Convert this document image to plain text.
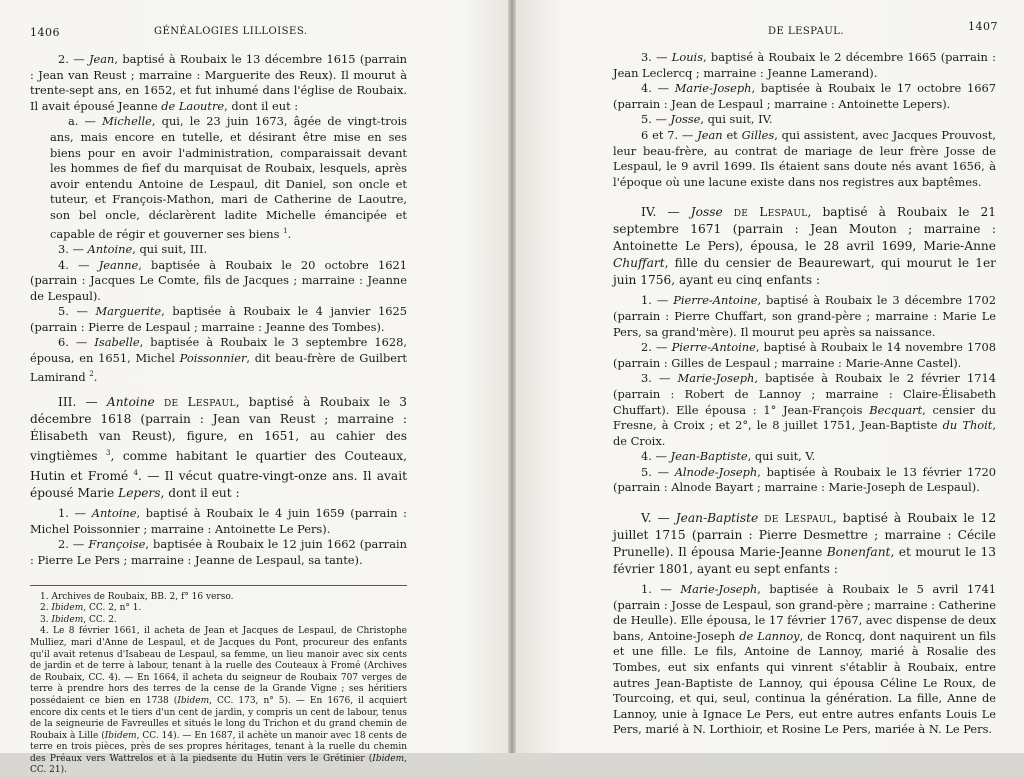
1406	GÉNÉALOGIES LILLOISES.

2. — Jean, baptisé à Roubaix le 13 décembre 1615 (parrain : Jean van Reust ; marraine : Marguerite des Reux). Il mourut à trente-sept ans, en 1652, et fut inhumé dans l'église de Roubaix. Il avait épousé Jeanne de Laoutre, dont il eut :

a. — Michelle, qui, le 23 juin 1673, âgée de vingt-trois ans, mais encore en tutelle, et désirant être mise en ses biens pour en avoir l'administration, comparaissait devant les hommes de fief du marquisat de Roubaix, lesquels, après avoir entendu Antoine de Lespaul, dit Daniel, son oncle et tuteur, et François-Mathon, mari de Catherine de Laoutre, son bel oncle, déclarèrent ladite Michelle émancipée et capable de régir et gouverner ses biens $^1$.

3. — Antoine, qui suit, III.

4. — Jeanne, baptisée à Roubaix le 20 octobre 1621 (parrain : Jacques Le Comte, fils de Jacques ; marraine : Jeanne de Lespaul).

5. — Marguerite, baptisée à Roubaix le 4 janvier 1625 (parrain : Pierre de Lespaul ; marraine : Jeanne des Tombes).

6. — Isabelle, baptisée à Roubaix le 3 septembre 1628, épousa, en 1651, Michel Poissonnier, dit beau-frère de Guilbert Lamirand $^2$.

III. — Antoine de Lespaul, baptisé à Roubaix le 3 décembre 1618 (parrain : Jean van Reust ; marraine : Élisabeth van Reust), figure, en 1651, au cahier des vingtièmes $^3$, comme habitant le quartier des Couteaux, Hutin et Fromé $^4$. — Il vécut quatre-vingt-onze ans. Il avait épousé Marie Lepers, dont il eut :

1. — Antoine, baptisé à Roubaix le 4 juin 1659 (parrain : Michel Poissonnier ; marraine : Antoinette Le Pers).

2. — Françoise, baptisée à Roubaix le 12 juin 1662 (parrain : Pierre Le Pers ; marraine : Jeanne de Lespaul, sa tante).

1. Archives de Roubaix, BB. 2, f° 16 verso.

2. Ibidem, CC. 2, n° 1.

3. Ibidem, CC. 2.

4. Le 8 février 1661, il acheta de Jean et Jacques de Lespaul, de Christophe Mulliez, mari d'Anne de Lespaul, et de Jacques du Pont, procureur des enfants qu'il avait retenus d'Isabeau de Lespaul, sa femme, un lieu manoir avec six cents de jardin et de terre à labour, tenant à la ruelle des Couteaux à Fromé (Archives de Roubaix, CC. 4). — En 1664, il acheta du seigneur de Roubaix 707 verges de terre à prendre hors des terres de la cense de la Grande Vigne ; ses héritiers possédaient ce bien en 1738 (Ibidem, CC. 173, n° 5). — En 1676, il acquiert encore dix cents et le tiers d'un cent de jardin, y compris un cent de labour, tenus de la seigneurie de Favreulles et situés le long du Trichon et du grand chemin de Roubaix à Lille (Ibidem, CC. 14). — En 1687, il achète un manoir avec 18 cents de terre en trois pièces, près de ses propres héritages, tenant à la ruelle du chemin des Préaux vers Wattrelos et à la piedsente du Hutin vers le Grétinier (Ibidem, CC. 21).

DE LESPAUL.	1407

3. — Louis, baptisé à Roubaix le 2 décembre 1665 (parrain : Jean Leclercq ; marraine : Jeanne Lamerand).

4. — Marie-Joseph, baptisée à Roubaix le 17 octobre 1667 (parrain : Jean de Lespaul ; marraine : Antoinette Lepers).

5. — Josse, qui suit, IV.

6 et 7. — Jean et Gilles, qui assistent, avec Jacques Prouvost, leur beau-frère, au contrat de mariage de leur frère Josse de Lespaul, le 9 avril 1699. Ils étaient sans doute nés avant 1656, à l'époque où une lacune existe dans nos registres aux baptêmes.

IV. — Josse de Lespaul, baptisé à Roubaix le 21 septembre 1671 (parrain : Jean Mouton ; marraine : Antoinette Le Pers), épousa, le 28 avril 1699, Marie-Anne Chuffart, fille du censier de Beaurewart, qui mourut le 1er juin 1756, ayant eu cinq enfants :

1. — Pierre-Antoine, baptisé à Roubaix le 3 décembre 1702 (parrain : Pierre Chuffart, son grand-père ; marraine : Marie Le Pers, sa grand'mère). Il mourut peu après sa naissance.

2. — Pierre-Antoine, baptisé à Roubaix le 14 novembre 1708 (parrain : Gilles de Lespaul ; marraine : Marie-Anne Castel).

3. — Marie-Joseph, baptisée à Roubaix le 2 février 1714 (parrain : Robert de Lannoy ; marraine : Claire-Élisabeth Chuffart). Elle épousa : 1° Jean-François Becquart, censier du Fresne, à Croix ; et 2°, le 8 juillet 1751, Jean-Baptiste du Thoit, de Croix.

4. — Jean-Baptiste, qui suit, V.

5. — Alnode-Joseph, baptisée à Roubaix le 13 février 1720 (parrain : Alnode Bayart ; marraine : Marie-Joseph de Lespaul).

V. — Jean-Baptiste de Lespaul, baptisé à Roubaix le 12 juillet 1715 (parrain : Pierre Desmettre ; marraine : Cécile Prunelle). Il épousa Marie-Jeanne Bonenfant, et mourut le 13 février 1801, ayant eu sept enfants :

1. — Marie-Joseph, baptisée à Roubaix le 5 avril 1741 (parrain : Josse de Lespaul, son grand-père ; marraine : Catherine de Heulle). Elle épousa, le 17 février 1767, avec dispense de deux bans, Antoine-Joseph de Lannoy, de Roncq, dont naquirent un fils et une fille. Le fils, Antoine de Lannoy, marié à Rosalie des Tombes, eut six enfants qui vinrent s'établir à Roubaix, entre autres Jean-Baptiste de Lannoy, qui épousa Céline Le Roux, de Tourcoing, et qui, seul, continua la génération. La fille, Anne de Lannoy, unie à Ignace Le Pers, eut entre autres enfants Louis Le Pers, marié à N. Lorthioir, et Rosine Le Pers, mariée à N. Le Pers.
